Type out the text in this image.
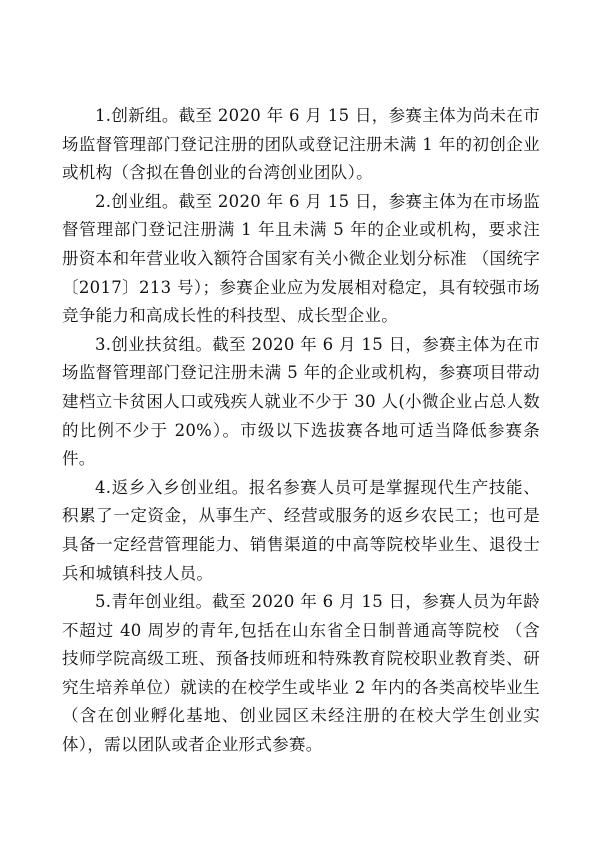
1.创新组。截至 2020 年 6 月 15 日，参赛主体为尚未在市场监督管理部门登记注册的团队或登记注册未满 1 年的初创企业或机构（含拟在鲁创业的台湾创业团队）。

2.创业组。截至 2020 年 6 月 15 日，参赛主体为在市场监督管理部门登记注册满 1 年且未满 5 年的企业或机构，要求注册资本和年营业收入额符合国家有关小微企业划分标准 （国统字〔2017〕213 号）；参赛企业应为发展相对稳定，具有较强市场竞争能力和高成长性的科技型、成长型企业。

3.创业扶贫组。截至 2020 年 6 月 15 日，参赛主体为在市场监督管理部门登记注册未满 5 年的企业或机构，参赛项目带动建档立卡贫困人口或残疾人就业不少于 30 人(小微企业占总人数的比例不少于 20%）。市级以下选拔赛各地可适当降低参赛条件。

4.返乡入乡创业组。报名参赛人员可是掌握现代生产技能、积累了一定资金，从事生产、经营或服务的返乡农民工；也可是具备一定经营管理能力、销售渠道的中高等院校毕业生、退役士兵和城镇科技人员。

5.青年创业组。截至 2020 年 6 月 15 日，参赛人员为年龄不超过 40 周岁的青年,包括在山东省全日制普通高等院校 （含技师学院高级工班、预备技师班和特殊教育院校职业教育类、研究生培养单位）就读的在校学生或毕业 2 年内的各类高校毕业生（含在创业孵化基地、创业园区未经注册的在校大学生创业实体），需以团队或者企业形式参赛。
